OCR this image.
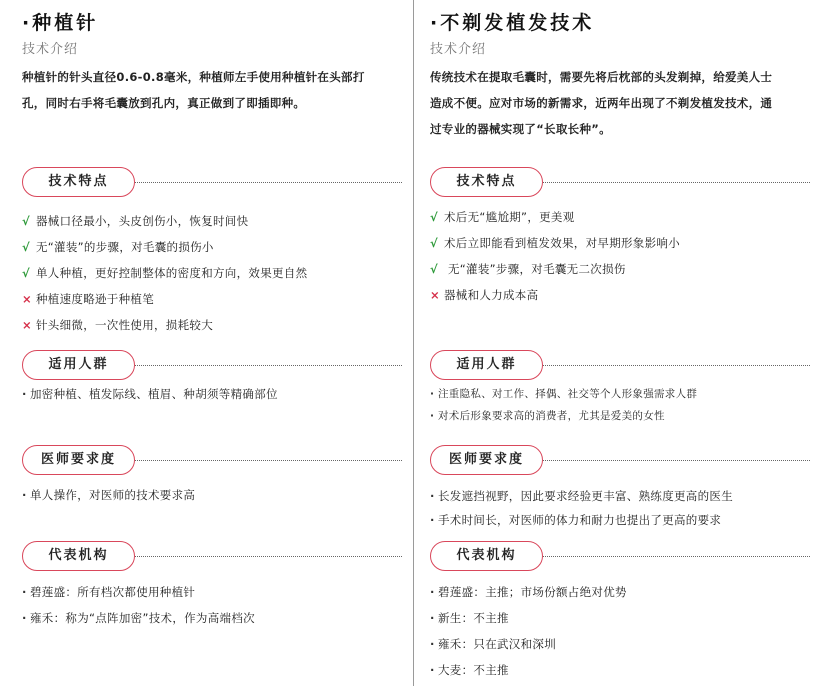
·种植针
技术介绍

种植针的针头直径0.6-0.8毫米，种植师左手使用种植针在头部打

孔，同时右手将毛囊放到孔内，真正做到了即插即种。

技术特点
√ 器械口径最小，头皮创伤小，恢复时间快
√ 无“灌装”的步骤，对毛囊的损伤小
√ 单人种植，更好控制整体的密度和方向，效果更自然
× 种植速度略逊于种植笔
× 针头细微，一次性使用，损耗较大
适用人群
· 加密种植、植发际线、植眉、种胡须等精确部位
医师要求度
· 单人操作，对医师的技术要求高
代表机构
· 碧莲盛：所有档次都使用种植针
· 雍禾：称为“点阵加密”技术，作为高端档次
·不剃发植发技术
技术介绍

传统技术在提取毛囊时，需要先将后枕部的头发剃掉，给爱美人士

造成不便。应对市场的新需求，近两年出现了不剃发植发技术，通

过专业的器械实现了“长取长种”。

技术特点
√ 术后无“尴尬期”，更美观
√ 术后立即能看到植发效果，对早期形象影响小
√ 无“灌装”步骤，对毛囊无二次损伤
× 器械和人力成本高
适用人群
· 注重隐私、对工作、择偶、社交等个人形象强需求人群
· 对术后形象要求高的消费者，尤其是爱美的女性
医师要求度
· 长发遮挡视野，因此要求经验更丰富、熟练度更高的医生
· 手术时间长，对医师的体力和耐力也提出了更高的要求
代表机构
· 碧莲盛：主推；市场份额占绝对优势
· 新生：不主推
· 雍禾：只在武汉和深圳
· 大麦：不主推
